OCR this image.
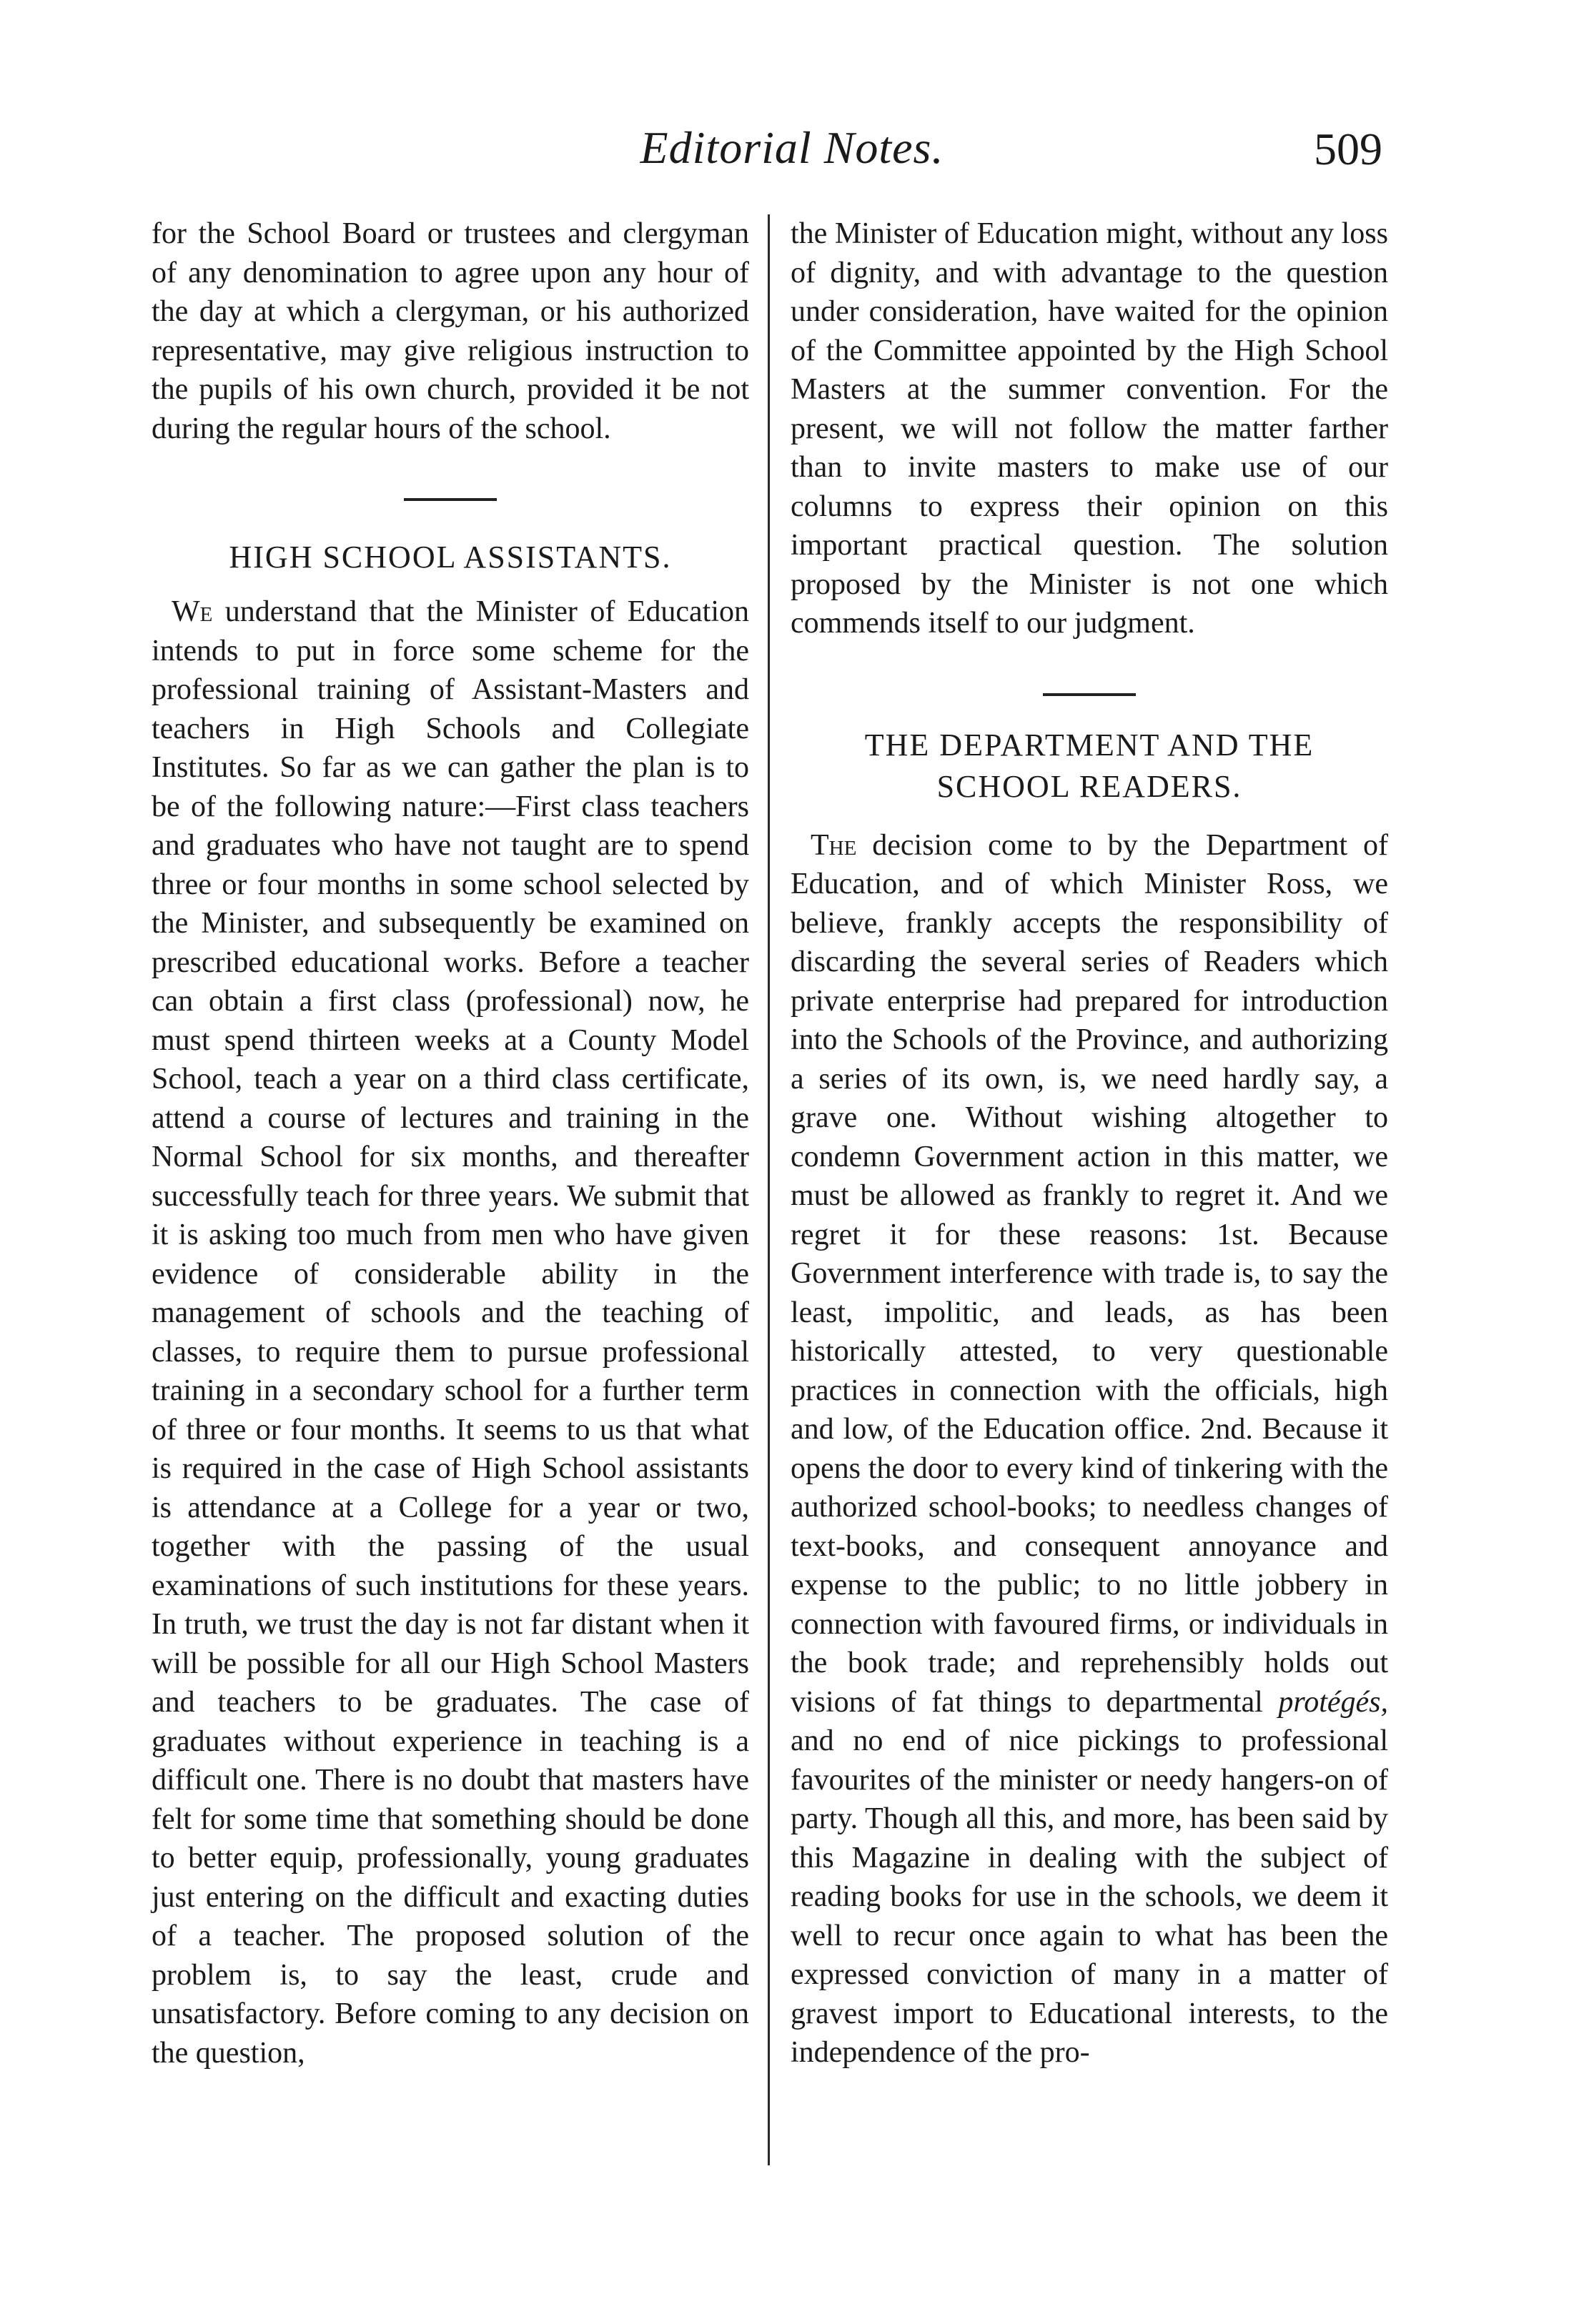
Editorial Notes.	509

for the School Board or trustees and clergyman of any denomination to agree upon any hour of the day at which a clergyman, or his authorized representative, may give religious instruction to the pupils of his own church, provided it be not during the regular hours of the school.

HIGH SCHOOL ASSISTANTS.

We understand that the Minister of Education intends to put in force some scheme for the professional training of Assistant-Masters and teachers in High Schools and Collegiate Institutes. So far as we can gather the plan is to be of the following nature:—First class teachers and graduates who have not taught are to spend three or four months in some school selected by the Minister, and subsequently be examined on prescribed educational works. Before a teacher can obtain a first class (professional) now, he must spend thirteen weeks at a County Model School, teach a year on a third class certificate, attend a course of lectures and training in the Normal School for six months, and thereafter successfully teach for three years. We submit that it is asking too much from men who have given evidence of considerable ability in the management of schools and the teaching of classes, to require them to pursue professional training in a secondary school for a further term of three or four months. It seems to us that what is required in the case of High School assistants is attendance at a College for a year or two, together with the passing of the usual examinations of such institutions for these years. In truth, we trust the day is not far distant when it will be possible for all our High School Masters and teachers to be graduates. The case of graduates without experience in teaching is a difficult one. There is no doubt that masters have felt for some time that something should be done to better equip, professionally, young graduates just entering on the difficult and exacting duties of a teacher. The proposed solution of the problem is, to say the least, crude and unsatisfactory. Before coming to any decision on the question,

the Minister of Education might, without any loss of dignity, and with advantage to the question under consideration, have waited for the opinion of the Committee appointed by the High School Masters at the summer convention. For the present, we will not follow the matter farther than to invite masters to make use of our columns to express their opinion on this important practical question. The solution proposed by the Minister is not one which commends itself to our judgment.

THE DEPARTMENT AND THE
SCHOOL READERS.

The decision come to by the Department of Education, and of which Minister Ross, we believe, frankly accepts the responsibility of discarding the several series of Readers which private enterprise had prepared for introduction into the Schools of the Province, and authorizing a series of its own, is, we need hardly say, a grave one. Without wishing altogether to condemn Government action in this matter, we must be allowed as frankly to regret it. And we regret it for these reasons: 1st. Because Government interference with trade is, to say the least, impolitic, and leads, as has been historically attested, to very questionable practices in connection with the officials, high and low, of the Education office. 2nd. Because it opens the door to every kind of tinkering with the authorized school-books; to needless changes of text-books, and consequent annoyance and expense to the public; to no little jobbery in connection with favoured firms, or individuals in the book trade; and reprehensibly holds out visions of fat things to departmental protégés, and no end of nice pickings to professional favourites of the minister or needy hangers-on of party. Though all this, and more, has been said by this Magazine in dealing with the subject of reading books for use in the schools, we deem it well to recur once again to what has been the expressed conviction of many in a matter of gravest import to Educational interests, to the independence of the pro-
